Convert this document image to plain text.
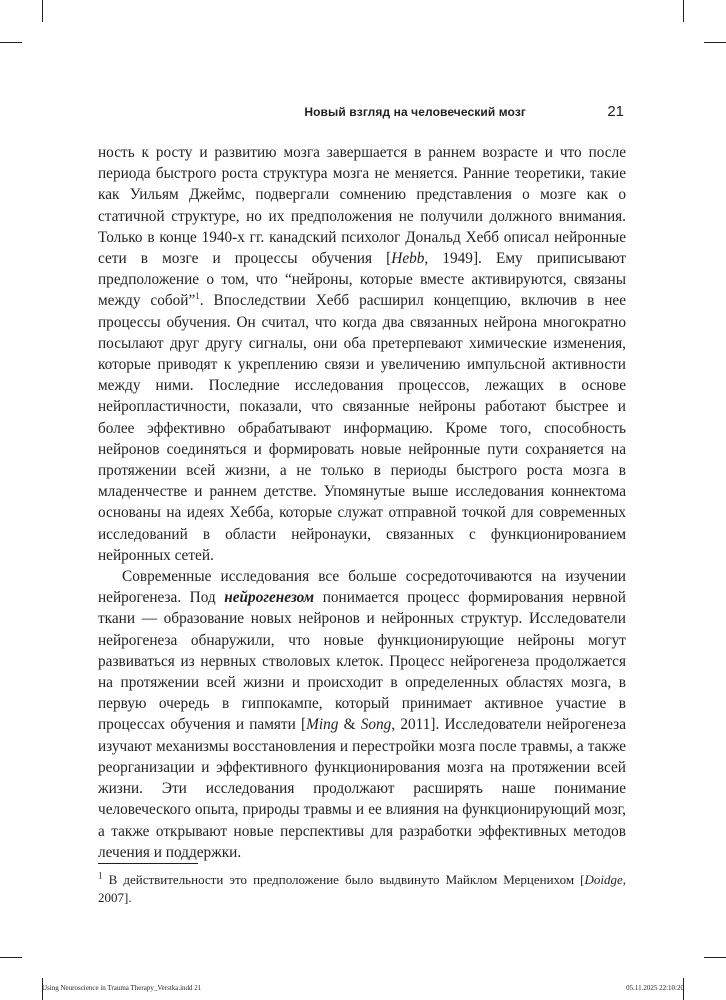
Новый взгляд на человеческий мозг	21

ность к росту и развитию мозга завершается в раннем возрасте и что после периода быстрого роста структура мозга не меняется. Ранние теоретики, такие как Уильям Джеймс, подвергали сомнению представления о мозге как о статичной структуре, но их предположения не получили должного внимания. Только в конце 1940-х гг. канадский психолог Дональд Хебб описал нейронные сети в мозге и процессы обучения [Hebb, 1949]. Ему приписывают предположение о том, что “нейроны, которые вместе активируются, связаны между собой”$^1$. Впоследствии Хебб расширил концепцию, включив в нее процессы обучения. Он считал, что когда два связанных нейрона многократно посылают друг другу сигналы, они оба претерпевают химические изменения, которые приводят к укреплению связи и увеличению импульсной активности между ними. Последние исследования процессов, лежащих в основе нейропластичности, показали, что связанные нейроны работают быстрее и более эффективно обрабатывают информацию. Кроме того, способность нейронов соединяться и формировать новые нейронные пути сохраняется на протяжении всей жизни, а не только в периоды быстрого роста мозга в младенчестве и раннем детстве. Упомянутые выше исследования коннектома основаны на идеях Хебба, которые служат отправной точкой для современных исследований в области нейронауки, связанных с функционированием нейронных сетей.

Современные исследования все больше сосредоточиваются на изучении нейрогенеза. Под нейрогенезом понимается процесс формирования нервной ткани — образование новых нейронов и нейронных структур. Исследователи нейрогенеза обнаружили, что новые функционирующие нейроны могут развиваться из нервных стволовых клеток. Процесс нейрогенеза продолжается на протяжении всей жизни и происходит в определенных областях мозга, в первую очередь в гиппокампе, который принимает активное участие в процессах обучения и памяти [Ming & Song, 2011]. Исследователи нейрогенеза изучают механизмы восстановления и перестройки мозга после травмы, а также реорганизации и эффективного функционирования мозга на протяжении всей жизни. Эти исследования продолжают расширять наше понимание человеческого опыта, природы травмы и ее влияния на функционирующий мозг, а также открывают новые перспективы для разработки эффективных методов лечения и поддержки.

$^1$ В действительности это предположение было выдвинуто Майклом Мерценихом [Doidge, 2007].

Using Neuroscience in Trauma Therapy_Verstka.indd 21	05.11.2025 22:10:20
